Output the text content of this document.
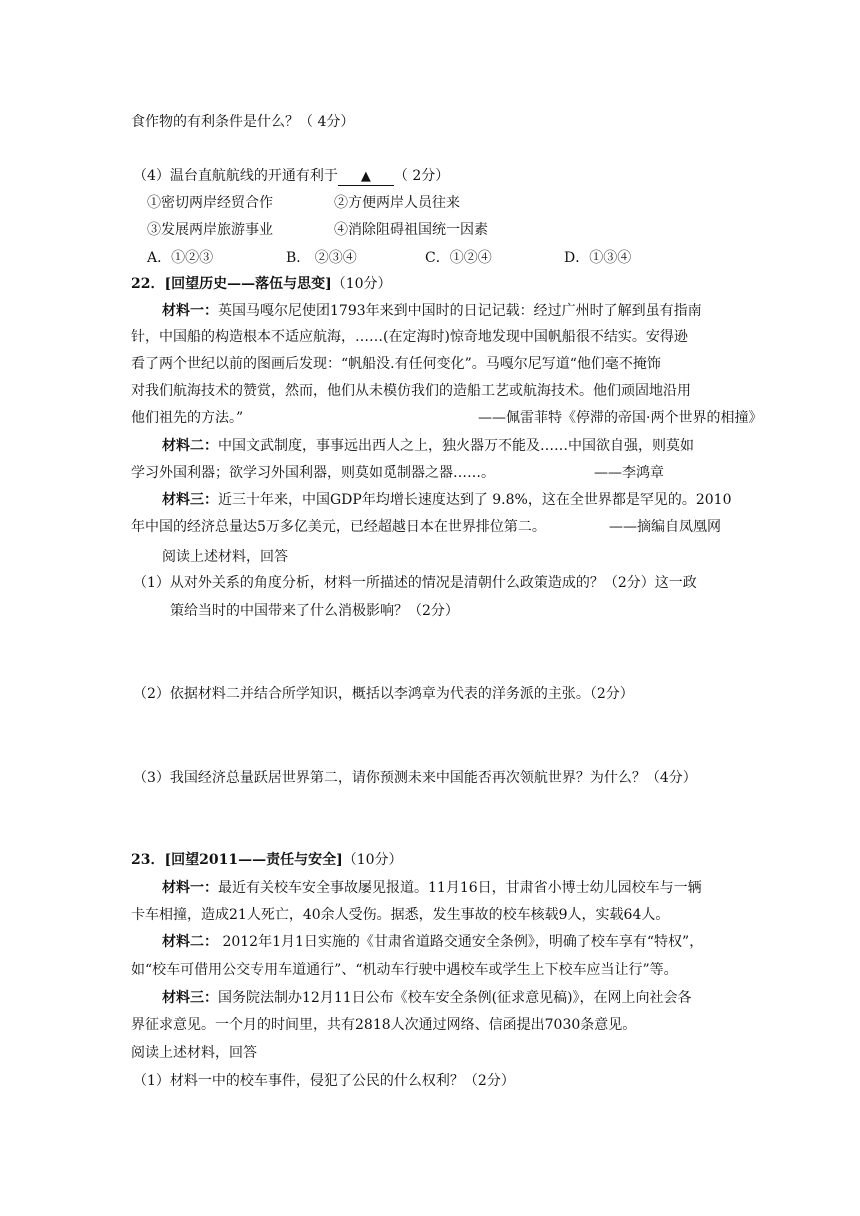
食作物的有利条件是什么？（ 4分）
（4）温台直航航线的开通有利于 ▲ （ 2分）
①密切两岸经贸合作	②方便两岸人员往来
③发展两岸旅游事业	④消除阻碍祖国统一因素
A．①②③	B． ②③④	C．①②④	D．①③④
22．[回望历史——落伍与思变]（10分）
材料一：英国马嘎尔尼使团1793年来到中国时的日记记载：经过广州时了解到虽有指南
针，中国船的构造根本不适应航海，……(在定海时)惊奇地发现中国帆船很不结实。安得逊
看了两个世纪以前的图画后发现：“帆船没.有任何变化”。马嘎尔尼写道“他们毫不掩饰
对我们航海技术的赞赏，然而，他们从未模仿我们的造船工艺或航海技术。他们顽固地沿用
他们祖先的方法。”	——佩雷菲特《停滞的帝国·两个世界的相撞》
材料二：中国文武制度，事事远出西人之上，独火器万不能及……中国欲自强，则莫如
学习外国利器；欲学习外国利器，则莫如觅制器之器……。	——李鸿章
材料三：近三十年来，中国GDP年均增长速度达到了 9.8%，这在全世界都是罕见的。2010
年中国的经济总量达5万多亿美元，已经超越日本在世界排位第二。	——摘编自凤凰网
阅读上述材料，回答
（1）从对外关系的角度分析，材料一所描述的情况是清朝什么政策造成的？（2分）这一政
策给当时的中国带来了什么消极影响？（2分）
（2）依据材料二并结合所学知识，概括以李鸿章为代表的洋务派的主张。（2分）
（3）我国经济总量跃居世界第二，请你预测未来中国能否再次领航世界？为什么？（4分）
23．[回望2011——责任与安全]（10分）
材料一：最近有关校车安全事故屡见报道。11月16日，甘肃省小博士幼儿园校车与一辆
卡车相撞，造成21人死亡，40余人受伤。据悉，发生事故的校车核载9人，实载64人。
材料二： 2012年1月1日实施的《甘肃省道路交通安全条例》，明确了校车享有“特权”，
如“校车可借用公交专用车道通行”、“机动车行驶中遇校车或学生上下校车应当让行”等。
材料三：国务院法制办12月11日公布《校车安全条例(征求意见稿)》，在网上向社会各
界征求意见。一个月的时间里，共有2818人次通过网络、信函提出7030条意见。
阅读上述材料，回答
（1）材料一中的校车事件，侵犯了公民的什么权利？（2分）
